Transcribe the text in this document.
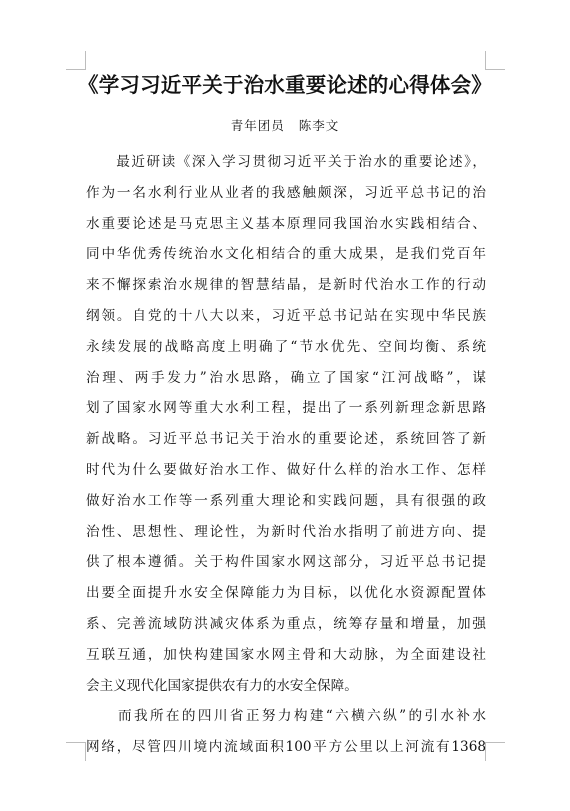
《学习习近平关于治水重要论述的心得体会》
青年团员 陈李文
　　最近研读《深入学习贯彻习近平关于治水的重要论述》，
作为一名水利行业从业者的我感触颇深，习近平总书记的治
水重要论述是马克思主义基本原理同我国治水实践相结合、
同中华优秀传统治水文化相结合的重大成果，是我们党百年
来不懈探索治水规律的智慧结晶，是新时代治水工作的行动
纲领。自党的十八大以来，习近平总书记站在实现中华民族
永续发展的战略高度上明确了“节水优先、空间均衡、系统
治理、两手发力”治水思路，确立了国家“江河战略”，谋
划了国家水网等重大水利工程，提出了一系列新理念新思路
新战略。习近平总书记关于治水的重要论述，系统回答了新
时代为什么要做好治水工作、做好什么样的治水工作、怎样
做好治水工作等一系列重大理论和实践问题，具有很强的政
治性、思想性、理论性，为新时代治水指明了前进方向、提
供了根本遵循。关于构件国家水网这部分，习近平总书记提
出要全面提升水安全保障能力为目标，以优化水资源配置体
系、完善流域防洪减灾体系为重点，统筹存量和增量，加强
互联互通，加快构建国家水网主骨和大动脉，为全面建设社
会主义现代化国家提供农有力的水安全保障。
　　而我所在的四川省正努力构建“六横六纵”的引水补水
网络，尽管四川境内流域面积100平方公里以上河流有1368
